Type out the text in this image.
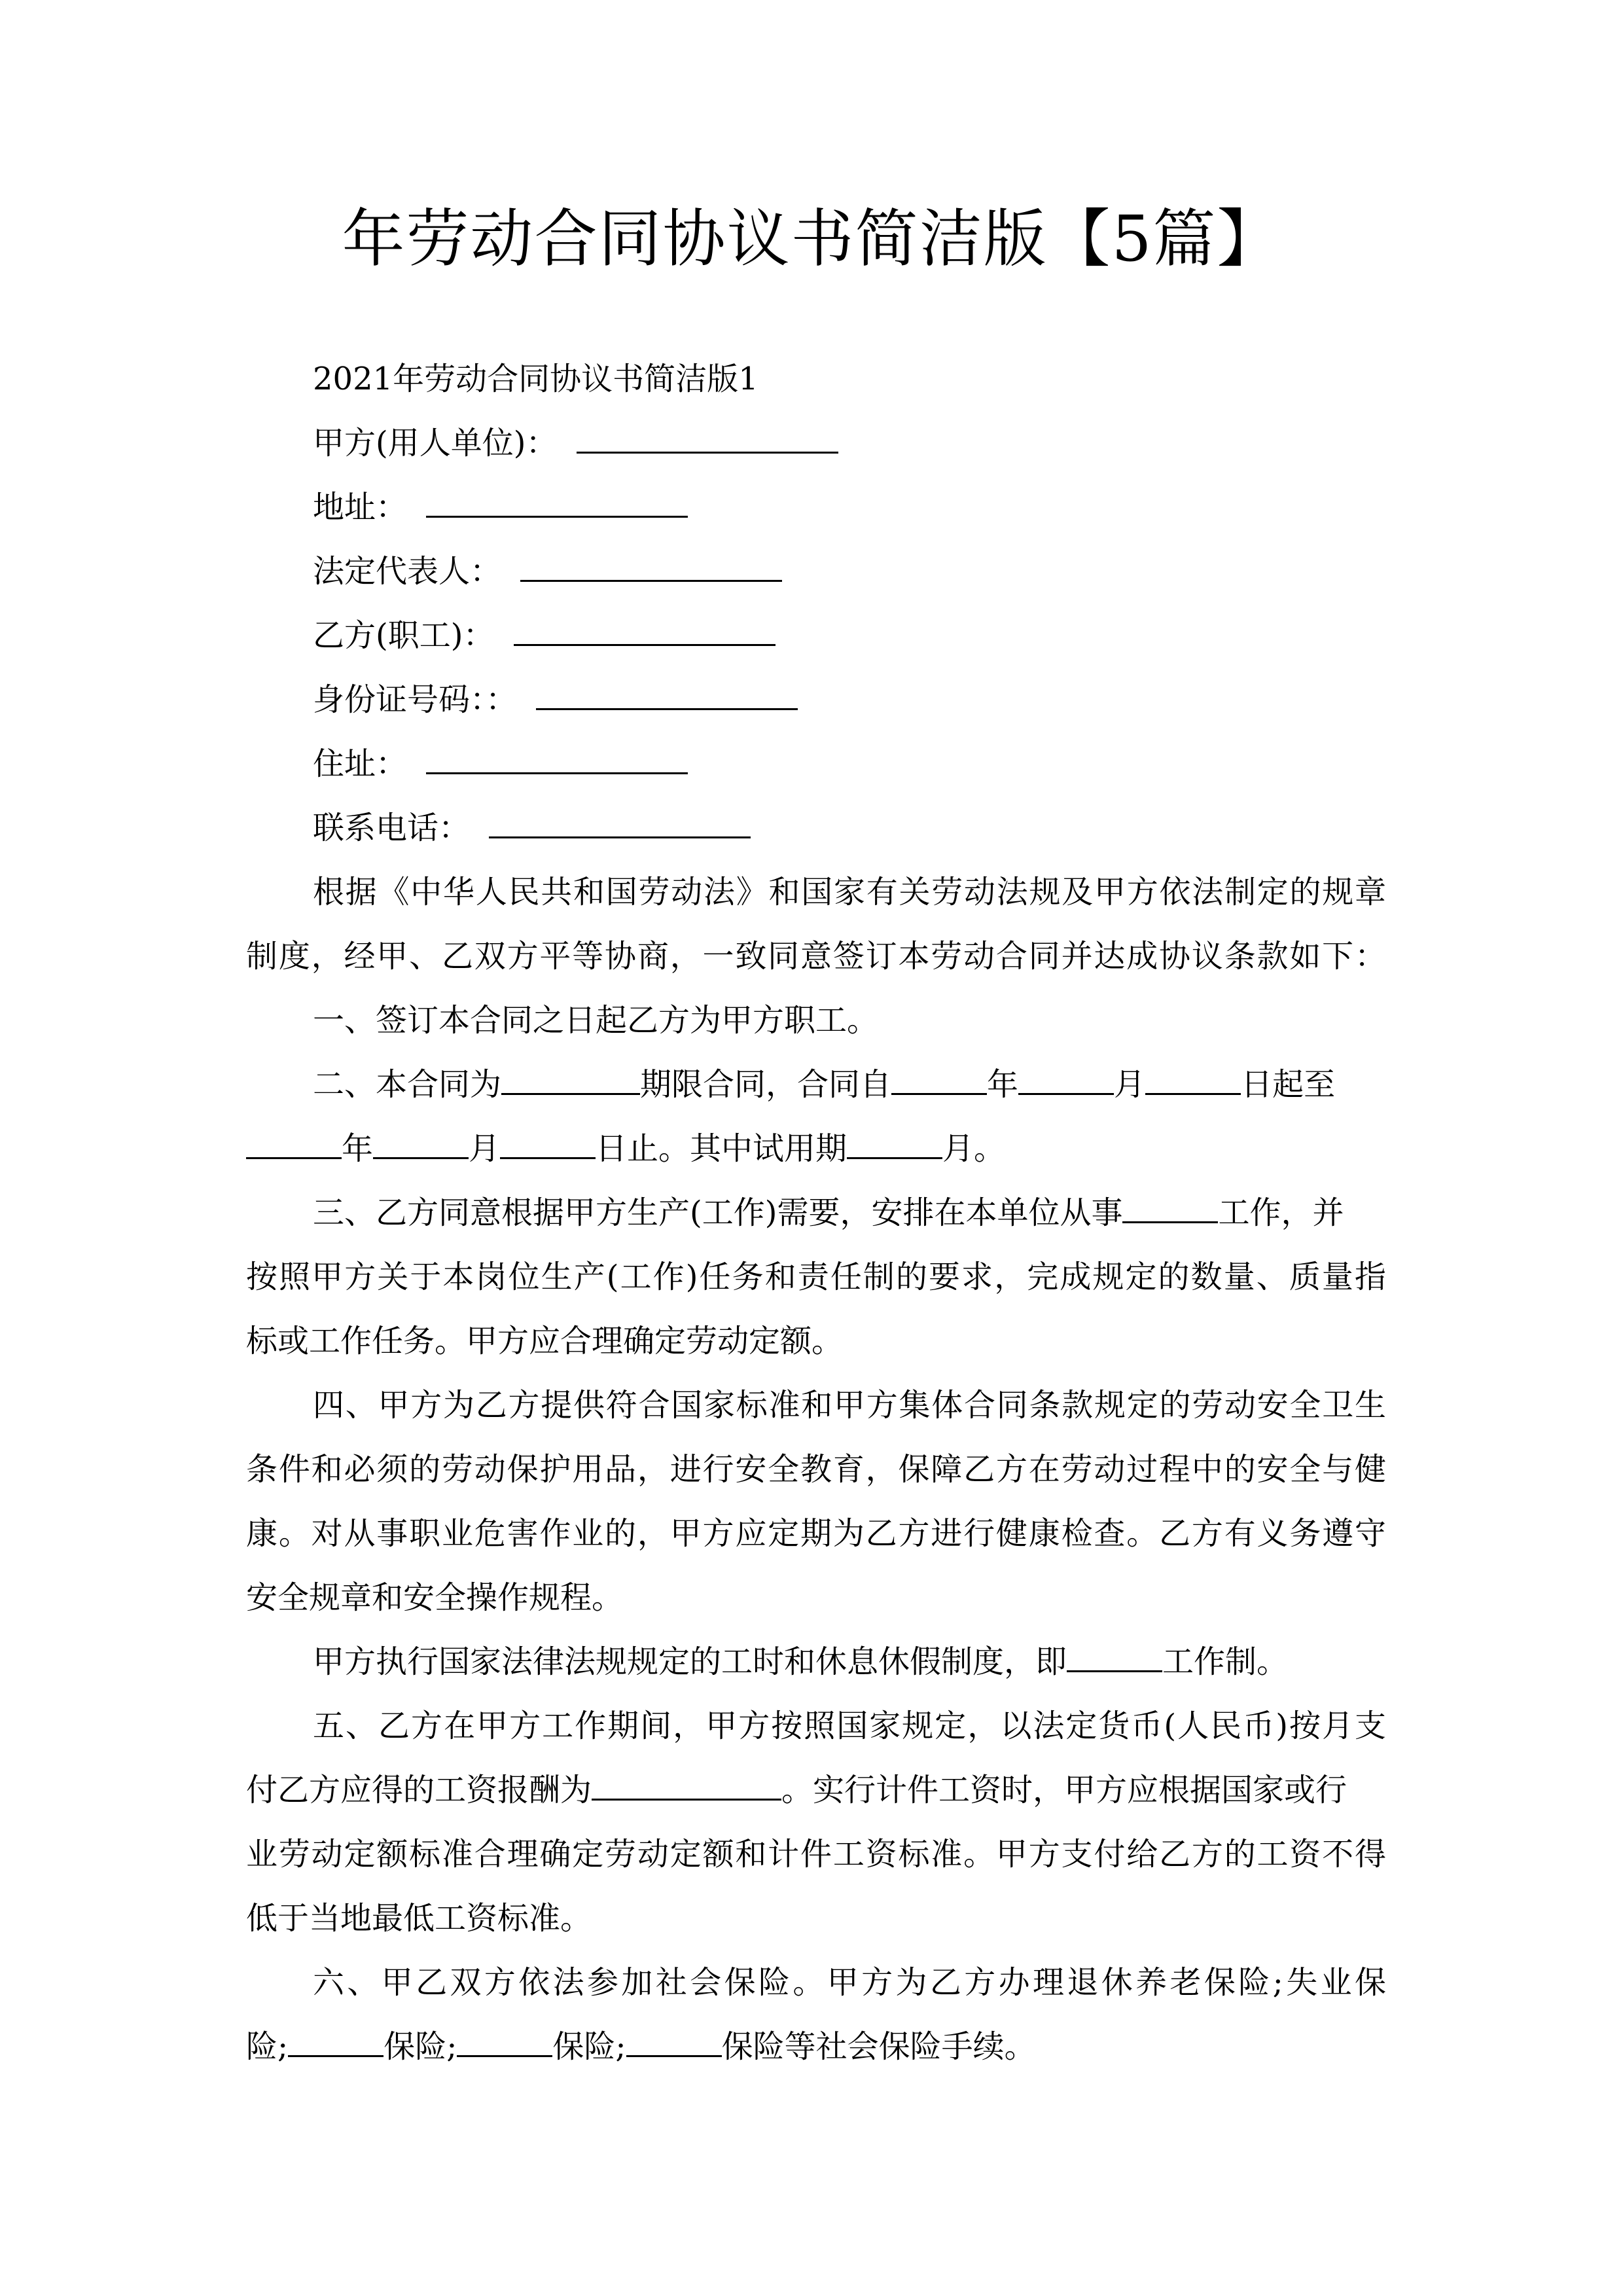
年劳动合同协议书简洁版【5篇】
2021年劳动合同协议书简洁版1
甲方(用人单位)：
地址：
法定代表人：
乙方(职工)：
身份证号码：：
住址：
联系电话：
根据《中华人民共和国劳动法》和国家有关劳动法规及甲方依法制定的规章
制度，经甲、乙双方平等协商，一致同意签订本劳动合同并达成协议条款如下：
一、签订本合同之日起乙方为甲方职工。
二、本合同为	期限合同，合同自	年	月	日起至
年	月	日止。其中试用期	月。
三、乙方同意根据甲方生产(工作)需要，安排在本单位从事	工作，并
按照甲方关于本岗位生产(工作)任务和责任制的要求，完成规定的数量、质量指
标或工作任务。甲方应合理确定劳动定额。
四、甲方为乙方提供符合国家标准和甲方集体合同条款规定的劳动安全卫生
条件和必须的劳动保护用品，进行安全教育，保障乙方在劳动过程中的安全与健
康。对从事职业危害作业的，甲方应定期为乙方进行健康检查。乙方有义务遵守
安全规章和安全操作规程。
甲方执行国家法律法规规定的工时和休息休假制度，即	工作制。
五、乙方在甲方工作期间，甲方按照国家规定，以法定货币(人民币)按月支
付乙方应得的工资报酬为	。实行计件工资时，甲方应根据国家或行
业劳动定额标准合理确定劳动定额和计件工资标准。甲方支付给乙方的工资不得
低于当地最低工资标准。
六、甲乙双方依法参加社会保险。甲方为乙方办理退休养老保险;失业保
险;	保险;	保险;	保险等社会保险手续。
